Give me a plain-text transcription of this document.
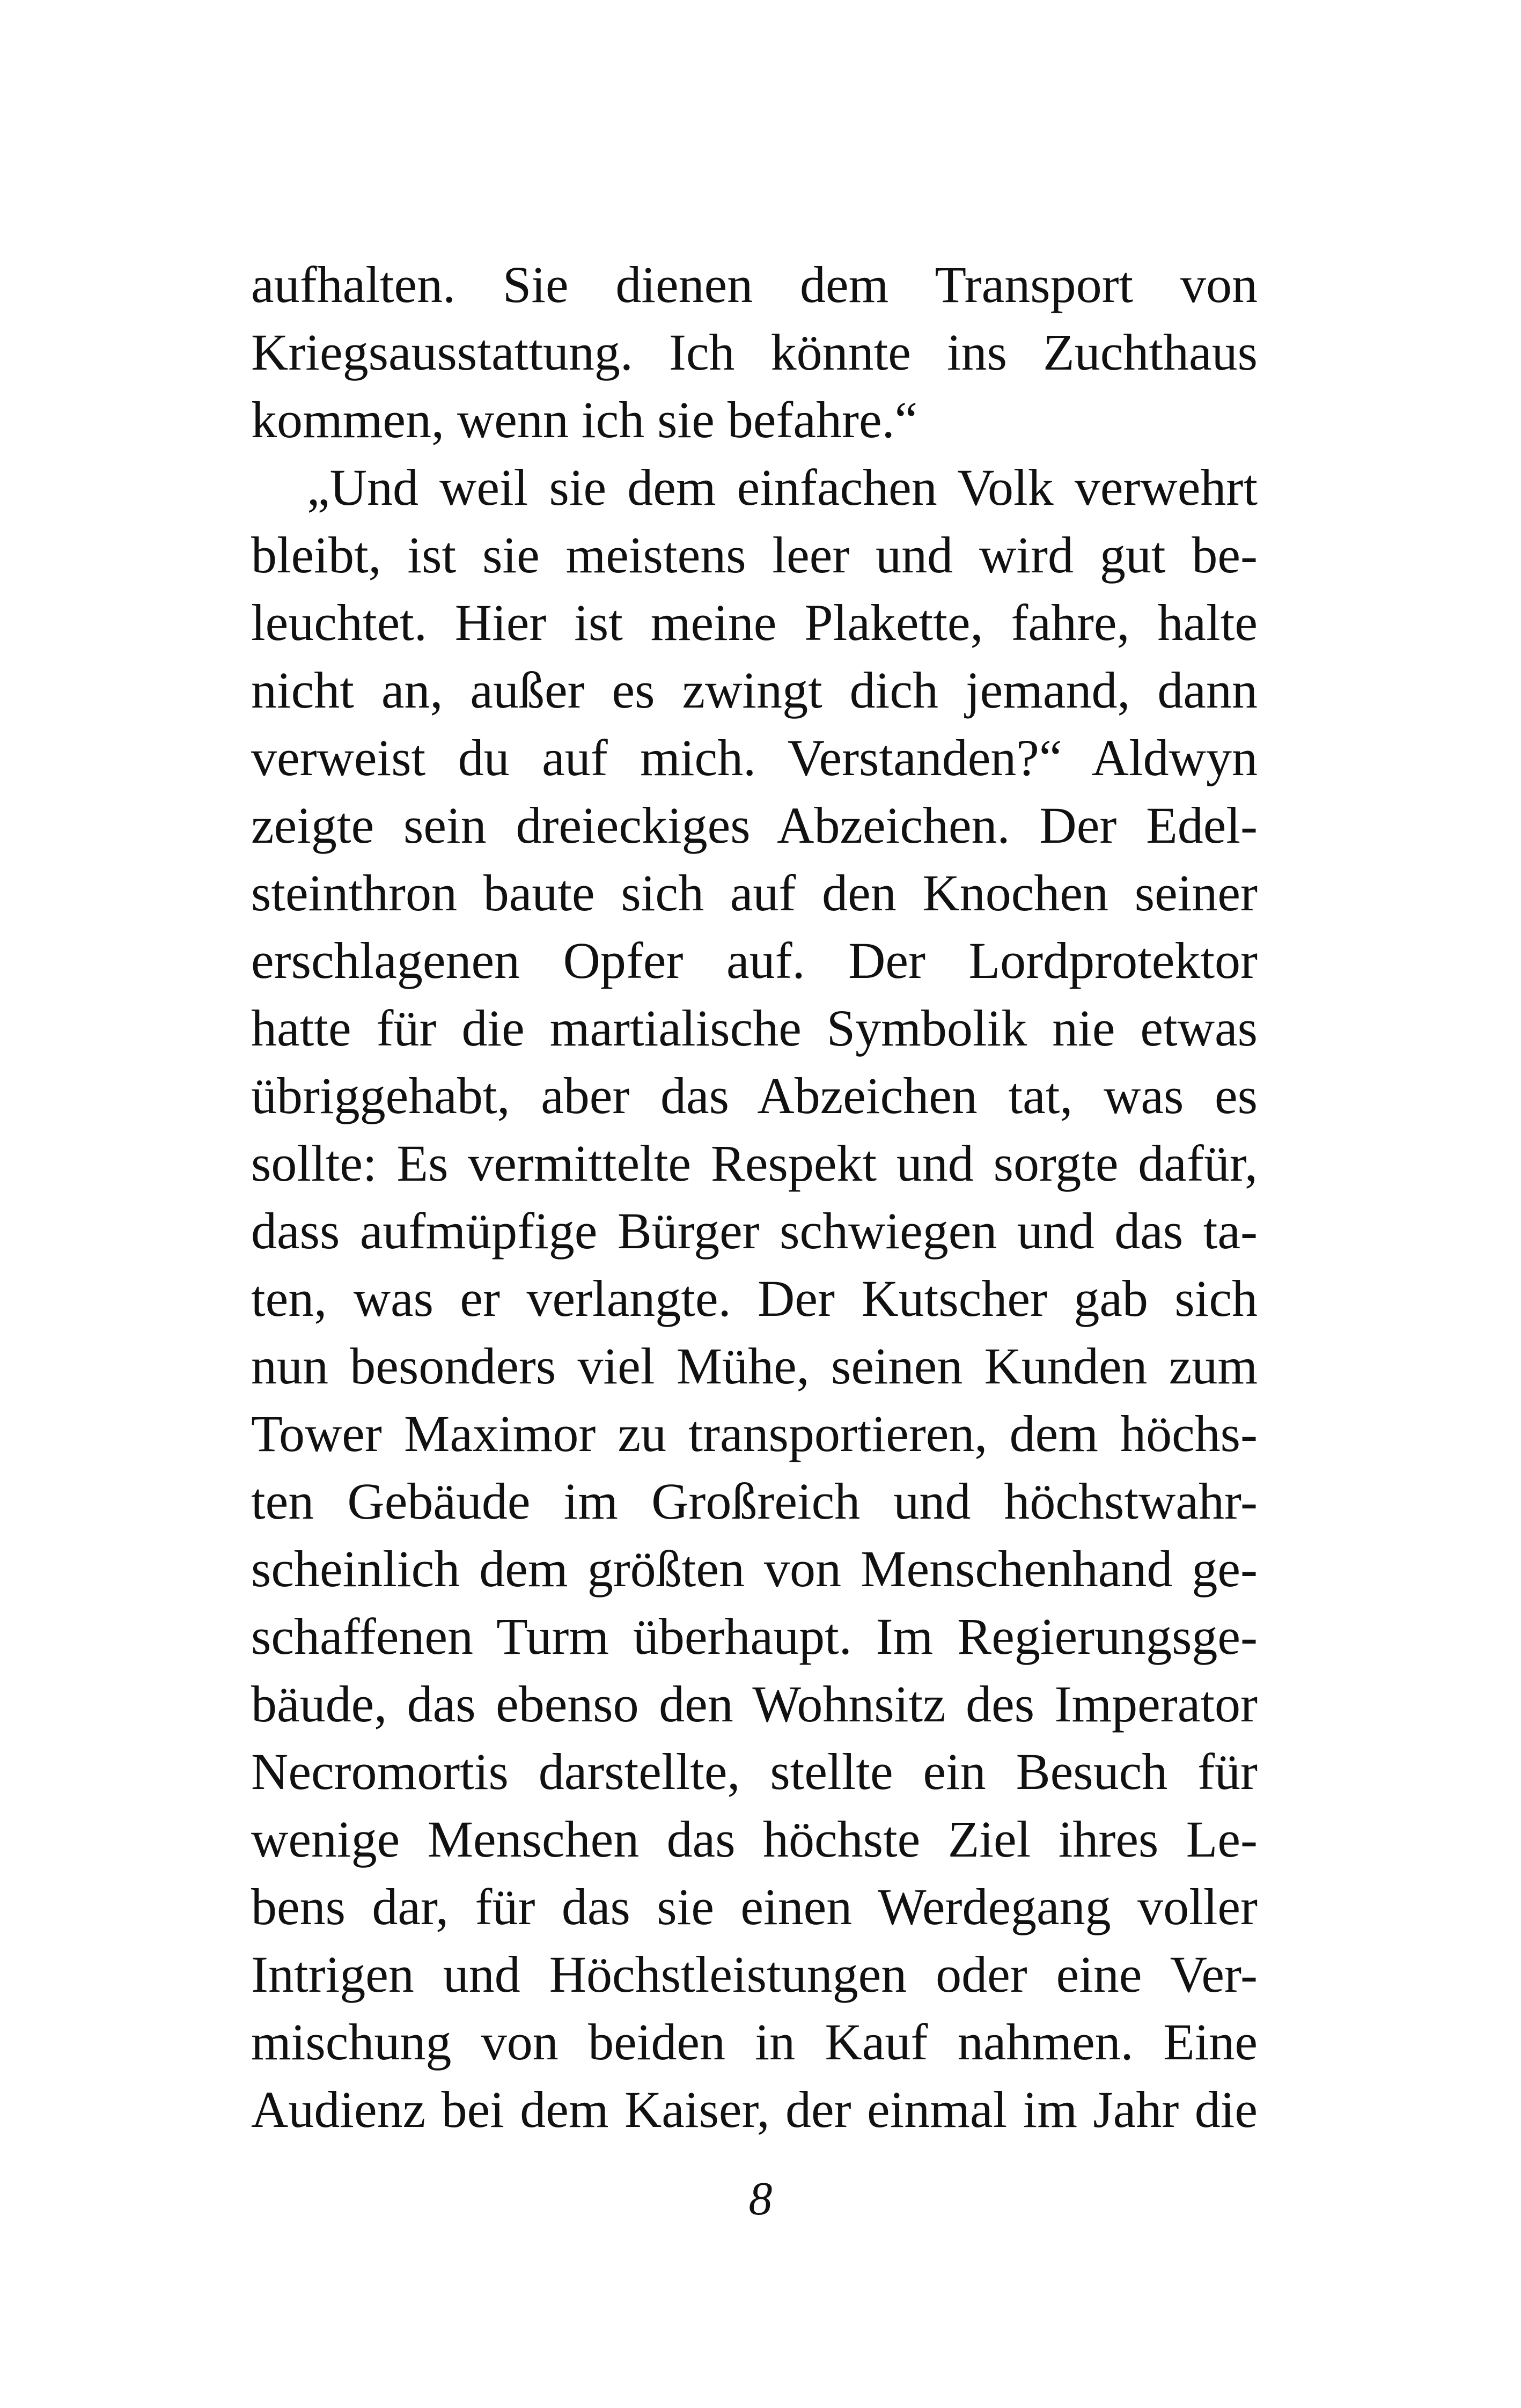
aufhalten. Sie dienen dem Transport von
Kriegsausstattung. Ich könnte ins Zuchthaus
kommen, wenn ich sie befahre.“
„Und weil sie dem einfachen Volk verwehrt
bleibt, ist sie meistens leer und wird gut be-
leuchtet. Hier ist meine Plakette, fahre, halte
nicht an, außer es zwingt dich jemand, dann
verweist du auf mich. Verstanden?“ Aldwyn
zeigte sein dreieckiges Abzeichen. Der Edel-
steinthron baute sich auf den Knochen seiner
erschlagenen Opfer auf. Der Lordprotektor
hatte für die martialische Symbolik nie etwas
übriggehabt, aber das Abzeichen tat, was es
sollte: Es vermittelte Respekt und sorgte dafür,
dass aufmüpfige Bürger schwiegen und das ta-
ten, was er verlangte. Der Kutscher gab sich
nun besonders viel Mühe, seinen Kunden zum
Tower Maximor zu transportieren, dem höchs-
ten Gebäude im Großreich und höchstwahr-
scheinlich dem größten von Menschenhand ge-
schaffenen Turm überhaupt. Im Regierungsge-
bäude, das ebenso den Wohnsitz des Imperator
Necromortis darstellte, stellte ein Besuch für
wenige Menschen das höchste Ziel ihres Le-
bens dar, für das sie einen Werdegang voller
Intrigen und Höchstleistungen oder eine Ver-
mischung von beiden in Kauf nahmen. Eine
Audienz bei dem Kaiser, der einmal im Jahr die
8
